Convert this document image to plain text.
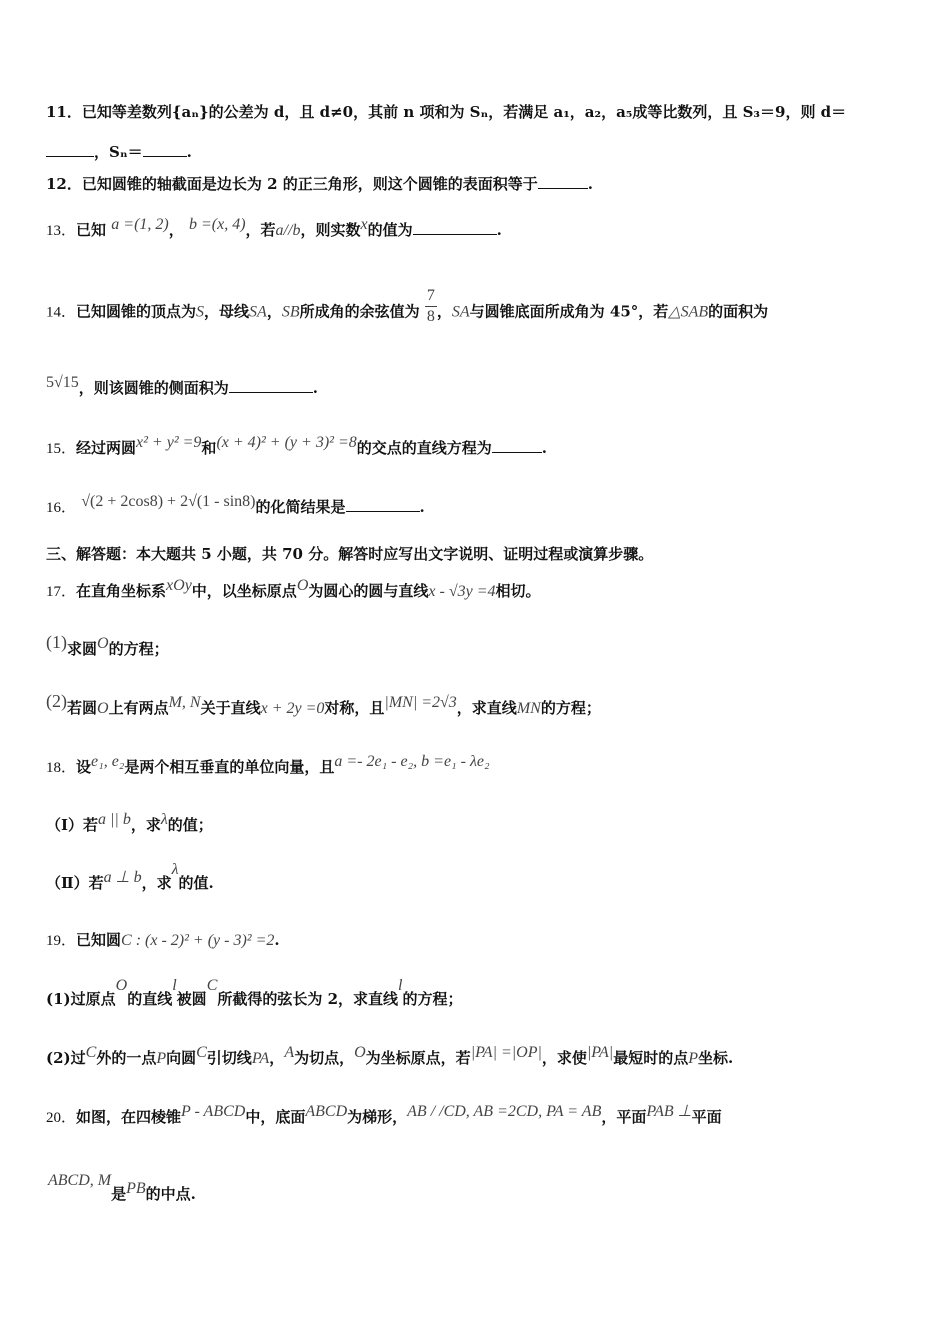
11．已知等差数列{aₙ}的公差为 d，且 d≠0，其前 n 项和为 Sₙ，若满足 a₁，a₂，a₅成等比数列，且 S₃＝9，则 d＝
，Sₙ＝	.
12．已知圆锥的轴截面是边长为 2 的正三角形，则这个圆锥的表面积等于	.
13．已知 a =(1, 2)， b =(x, 4)，若a//b，则实数x的值为	.
14．已知圆锥的顶点为S，母线SA，SB所成角的余弦值为 $\frac{7}{8}$ ，SA与圆锥底面所成角为 45°，若△SAB的面积为
5√15，则该圆锥的侧面积为	.
15．经过两圆x² + y² =9和(x + 4)² + (y + 3)² =8的交点的直线方程为	.
16． √(2 + 2cos8) + 2√(1 - sin8)的化简结果是	.
三、解答题：本大题共 5 小题，共 70 分。解答时应写出文字说明、证明过程或演算步骤。
17．在直角坐标系xOy中，以坐标原点O为圆心的圆与直线x - √3y =4相切。
(1)求圆O的方程；
(2)若圆O上有两点M, N关于直线x + 2y =0对称，且|MN| =2√3，求直线MN的方程；
18．设e₁, e₂是两个相互垂直的单位向量，且a =- 2e₁ - e₂, b =e₁ - λe₂
（Ⅰ）若a || b，求λ的值；
（Ⅱ）若a ⊥ b，求λ的值.
19．已知圆C : (x - 2)² + (y - 3)² =2.
(1)过原点O的直线l被圆C所截得的弦长为 2，求直线l的方程；
(2)过C外的一点P向圆C引切线PA，A为切点，O为坐标原点，若|PA| =|OP|，求使|PA|最短时的点P坐标.
20．如图，在四棱锥P - ABCD中，底面ABCD为梯形，AB / /CD, AB =2CD, PA = AB，平面PAB ⊥平面
ABCD, M是PB的中点.
